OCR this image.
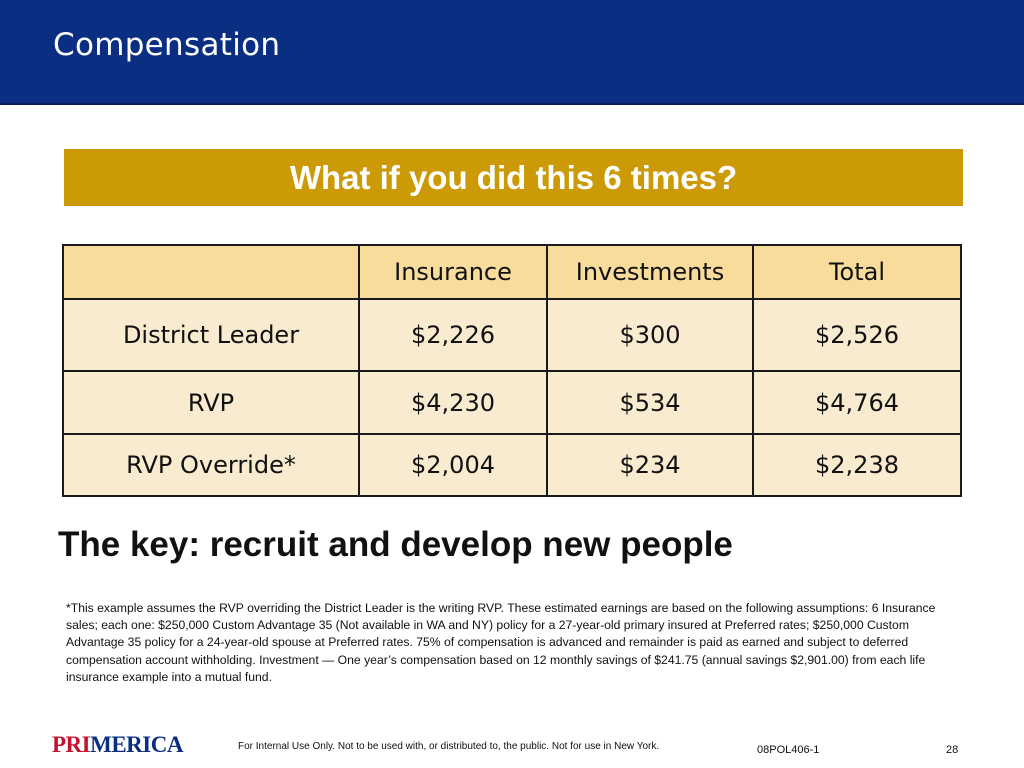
Compensation
What if you did this 6 times?
	Insurance	Investments	Total
District Leader	$2,226	$300	$2,526
RVP	$4,230	$534	$4,764
RVP Override*	$2,004	$234	$2,238
The key: recruit and develop new people
*This example assumes the RVP overriding the District Leader is the writing RVP. These estimated earnings are based on the following assumptions: 6 Insurance sales; each one: $250,000 Custom Advantage 35 (Not available in WA and NY) policy for a 27-year-old primary insured at Preferred rates; $250,000 Custom Advantage 35 policy for a 24-year-old spouse at Preferred rates. 75% of compensation is advanced and remainder is paid as earned and subject to deferred compensation account withholding. Investment — One year’s compensation based on 12 monthly savings of $241.75 (annual savings $2,901.00) from each life insurance example into a mutual fund.
PRIMERICA	For Internal Use Only. Not to be used with, or distributed to, the public. Not for use in New York.	08POL406-1	28
